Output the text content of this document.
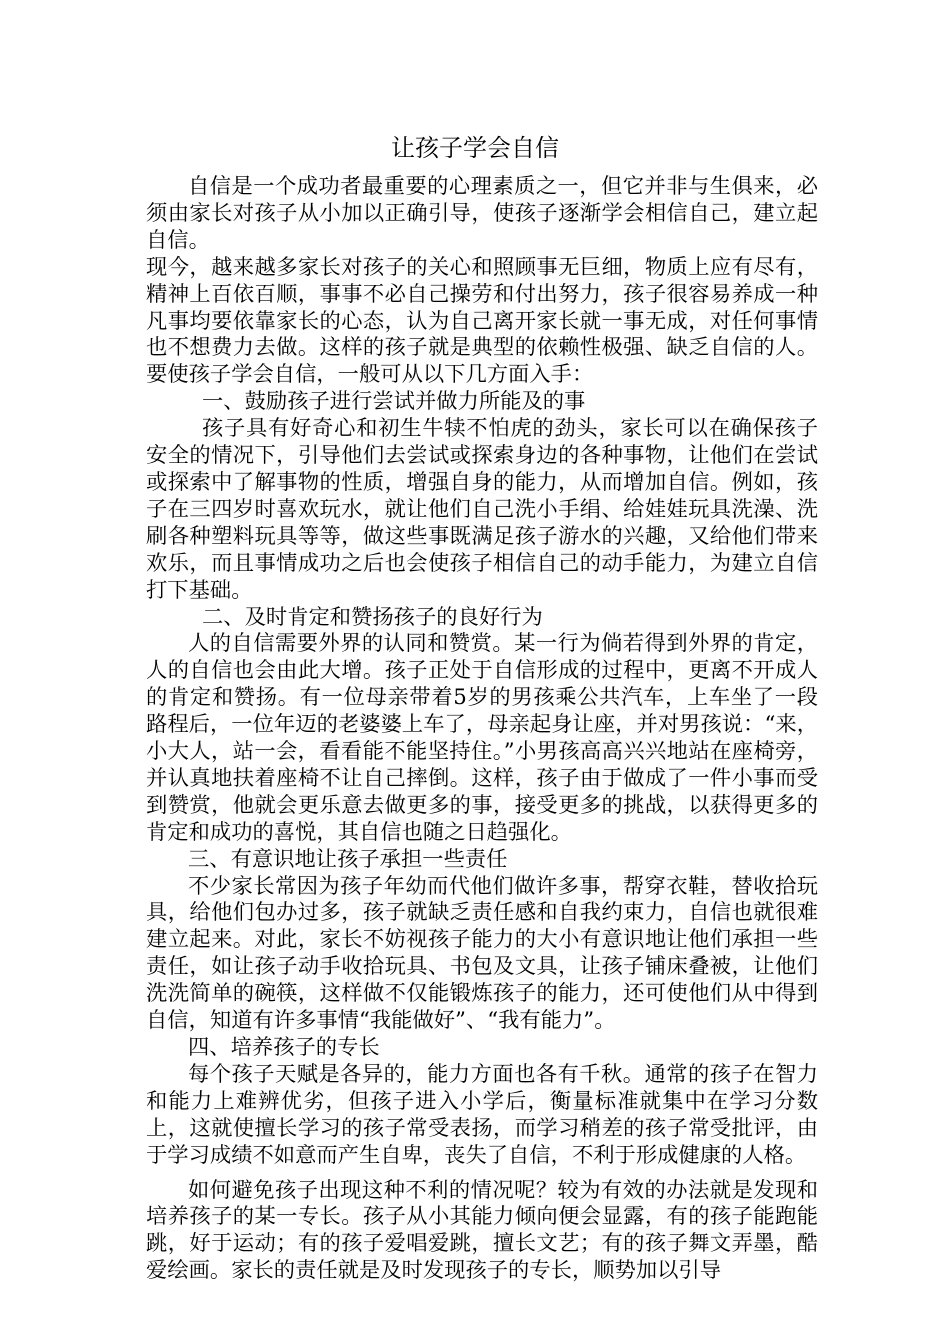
让孩子学会自信

自信是一个成功者最重要的心理素质之一，但它并非与生俱来，必须由家长对孩子从小加以正确引导，使孩子逐渐学会相信自己，建立起自信。

现今，越来越多家长对孩子的关心和照顾事无巨细，物质上应有尽有，精神上百依百顺，事事不必自己操劳和付出努力，孩子很容易养成一种凡事均要依靠家长的心态，认为自己离开家长就一事无成，对任何事情也不想费力去做。这样的孩子就是典型的依赖性极强、缺乏自信的人。要使孩子学会自信，一般可从以下几方面入手：

一、鼓励孩子进行尝试并做力所能及的事

孩子具有好奇心和初生牛犊不怕虎的劲头，家长可以在确保孩子安全的情况下，引导他们去尝试或探索身边的各种事物，让他们在尝试或探索中了解事物的性质，增强自身的能力，从而增加自信。例如，孩子在三四岁时喜欢玩水，就让他们自己洗小手绢、给娃娃玩具洗澡、洗刷各种塑料玩具等等，做这些事既满足孩子游水的兴趣，又给他们带来欢乐，而且事情成功之后也会使孩子相信自己的动手能力，为建立自信打下基础。

二、及时肯定和赞扬孩子的良好行为

人的自信需要外界的认同和赞赏。某一行为倘若得到外界的肯定，人的自信也会由此大增。孩子正处于自信形成的过程中，更离不开成人的肯定和赞扬。有一位母亲带着5岁的男孩乘公共汽车，上车坐了一段路程后，一位年迈的老婆婆上车了，母亲起身让座，并对男孩说：“来，小大人，站一会，看看能不能坚持住。”小男孩高高兴兴地站在座椅旁，并认真地扶着座椅不让自己摔倒。这样，孩子由于做成了一件小事而受到赞赏，他就会更乐意去做更多的事，接受更多的挑战，以获得更多的肯定和成功的喜悦，其自信也随之日趋强化。

三、有意识地让孩子承担一些责任

不少家长常因为孩子年幼而代他们做许多事，帮穿衣鞋，替收拾玩具，给他们包办过多，孩子就缺乏责任感和自我约束力，自信也就很难建立起来。对此，家长不妨视孩子能力的大小有意识地让他们承担一些责任，如让孩子动手收拾玩具、书包及文具，让孩子铺床叠被，让他们洗洗简单的碗筷，这样做不仅能锻炼孩子的能力，还可使他们从中得到自信，知道有许多事情“我能做好”、“我有能力”。

四、培养孩子的专长

每个孩子天赋是各异的，能力方面也各有千秋。通常的孩子在智力和能力上难辨优劣，但孩子进入小学后，衡量标准就集中在学习分数上，这就使擅长学习的孩子常受表扬，而学习稍差的孩子常受批评，由于学习成绩不如意而产生自卑，丧失了自信，不利于形成健康的人格。

如何避免孩子出现这种不利的情况呢？较为有效的办法就是发现和培养孩子的某一专长。孩子从小其能力倾向便会显露，有的孩子能跑能跳，好于运动；有的孩子爱唱爱跳，擅长文艺；有的孩子舞文弄墨，酷爱绘画。家长的责任就是及时发现孩子的专长，顺势加以引导
